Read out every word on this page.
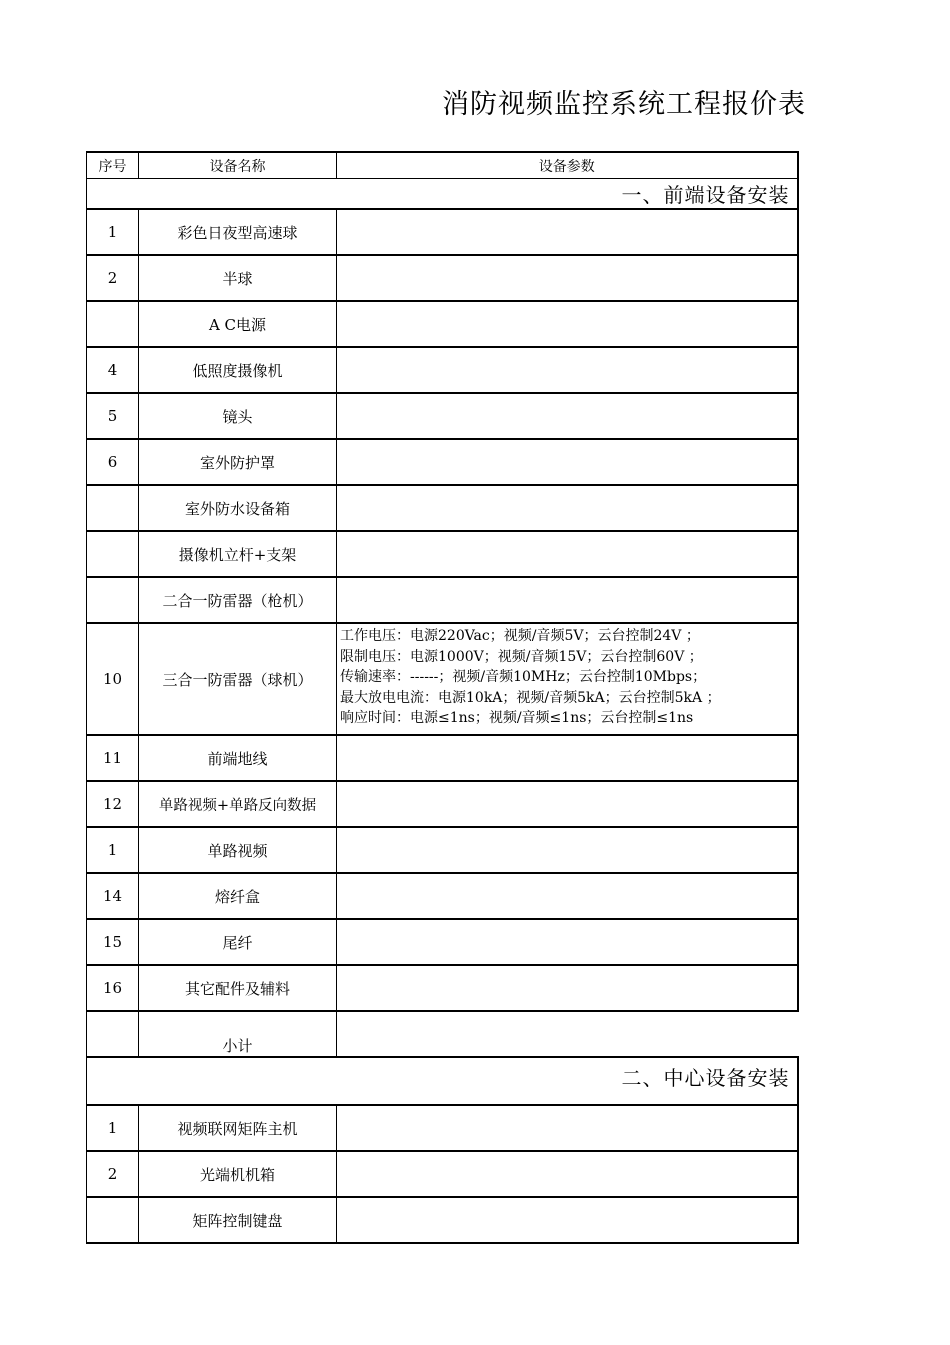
消防视频监控系统工程报价表
序号	设备名称	设备参数
一、前端设备安装		
1	彩色日夜型高速球	
2	半球	
	A C电源	
4	低照度摄像机	
5	镜头	
6	室外防护罩	
	室外防水设备箱	
	摄像机立杆+支架	
	二合一防雷器（枪机）	
10	三合一防雷器（球机）	工作电压：电源220Vac；视频/音频5V；云台控制24V ；
限制电压：电源1000V；视频/音频15V；云台控制60V ；
传输速率：------；视频/音频10MHz；云台控制10Mbps；
最大放电电流：电源10kA；视频/音频5kA；云台控制5kA ；
响应时间：电源≤1ns；视频/音频≤1ns；云台控制≤1ns

11	前端地线	
12	单路视频+单路反向数据	
1	单路视频	
14	熔纤盒	
15	尾纤	
16	其它配件及辅料	
	小计	
二、中心设备安装		
1	视频联网矩阵主机	
2	光端机机箱	
	矩阵控制键盘	
